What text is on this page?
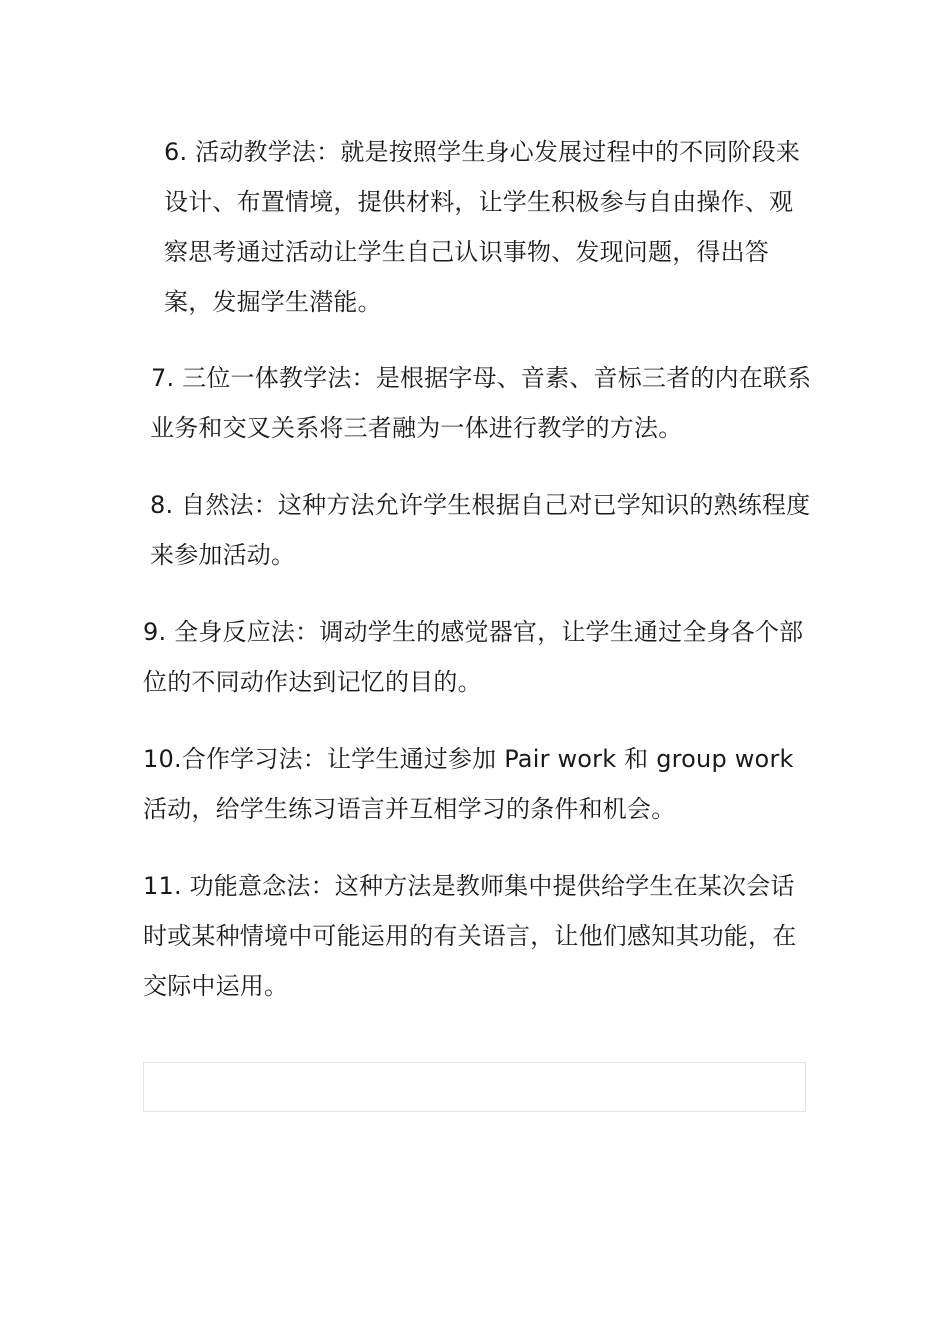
6. 活动教学法：就是按照学生身心发展过程中的不同阶段来设计、布置情境，提供材料，让学生积极参与自由操作、观察思考通过活动让学生自己认识事物、发现问题，得出答案，发掘学生潜能。

7. 三位一体教学法：是根据字母、音素、音标三者的内在联系业务和交叉关系将三者融为一体进行教学的方法。

8. 自然法：这种方法允许学生根据自己对已学知识的熟练程度来参加活动。

9. 全身反应法：调动学生的感觉器官，让学生通过全身各个部位的不同动作达到记忆的目的。

10.合作学习法：让学生通过参加 Pair work 和 group work 活动，给学生练习语言并互相学习的条件和机会。

11. 功能意念法：这种方法是教师集中提供给学生在某次会话时或某种情境中可能运用的有关语言，让他们感知其功能，在交际中运用。
